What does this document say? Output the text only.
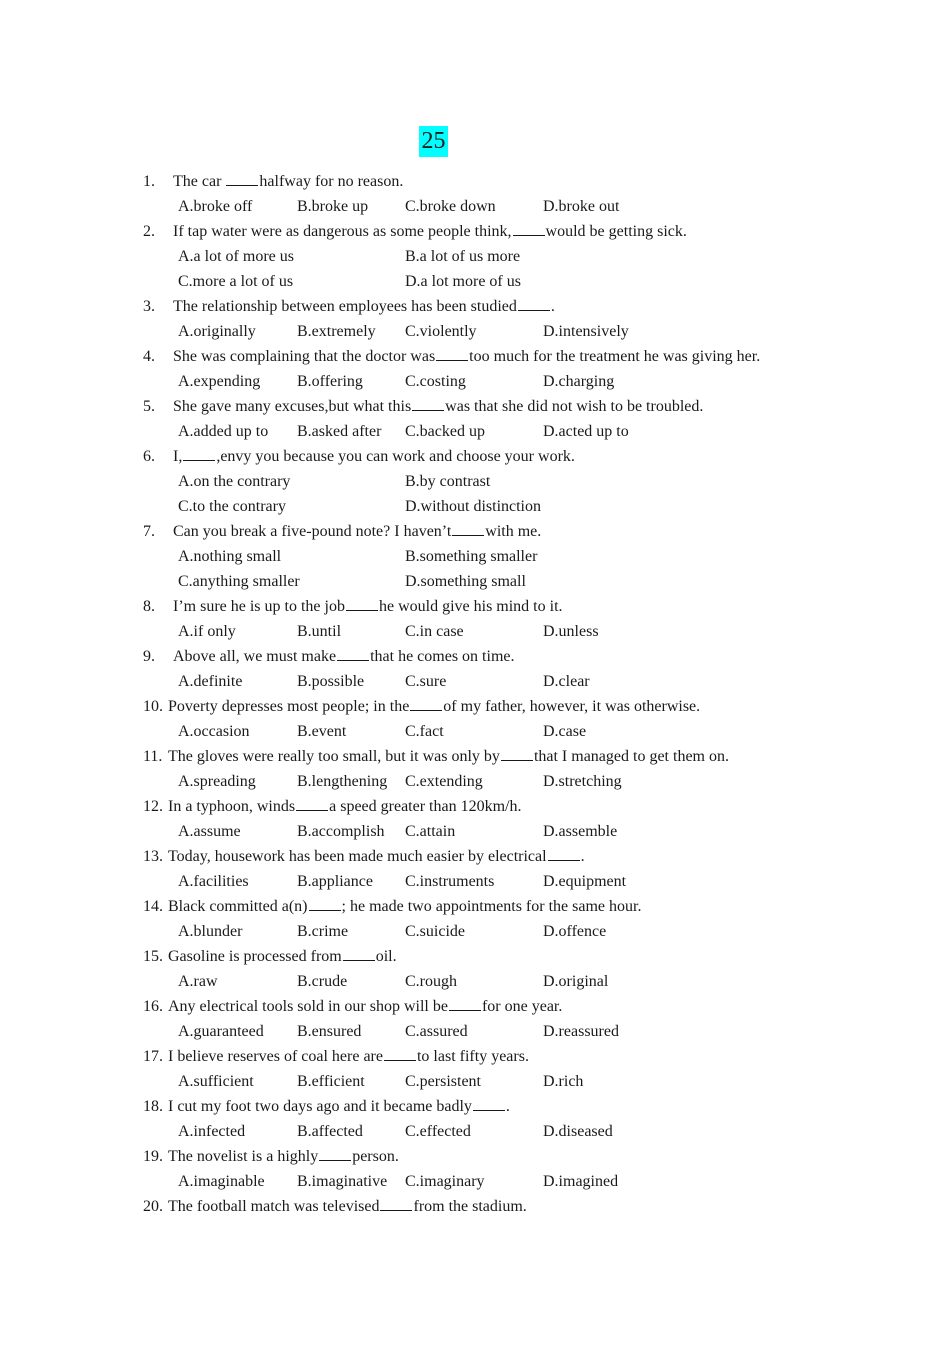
25
1. The car halfway for no reason.
A.broke off	B.broke up C.broke down	D.broke out
2. If tap water were as dangerous as some people think, would be getting sick.
A.a lot of more us	B.a lot of us more
C.more a lot of us	D.a lot more of us
3. The relationship between employees has been studied .
A.originally	B.extremely C.violently	D.intensively
4. She was complaining that the doctor was too much for the treatment he was giving her.
A.expending B.offering	C.costing	D.charging
5. She gave many excuses,but what this was that she did not wish to be troubled.
A.added up to B.asked after C.backed up	D.acted up to
6. I, ,envy you because you can work and choose your work.
A.on the contrary	B.by contrast
C.to the contrary	D.without distinction
7. Can you break a five-pound note? I haven’t with me.
A.nothing small	B.something smaller
C.anything smaller	D.something small
8. I’m sure he is up to the job he would give his mind to it.
A.if only	B.until	C.in case	D.unless
9. Above all, we must make that he comes on time.
A.definite	B.possible	C.sure	D.clear
10. Poverty depresses most people; in the of my father, however, it was otherwise.
A.occasion	B.event	C.fact	D.case
11. The gloves were really too small, but it was only by that I managed to get them on.
A.spreading	B.lengthening C.extending	D.stretching
12. In a typhoon, winds a speed greater than 120km/h.
A.assume	B.accomplish C.attain	D.assemble
13. Today, housework has been made much easier by electrical .
A.facilities	B.appliance C.instruments	D.equipment
14. Black committed a(n) ; he made two appointments for the same hour.
A.blunder	B.crime	C.suicide	D.offence
15. Gasoline is processed from oil.
A.raw	B.crude	C.rough	D.original
16. Any electrical tools sold in our shop will be for one year.
A.guaranteed B.ensured	C.assured	D.reassured
17. I believe reserves of coal here are to last fifty years.
A.sufficient	B.efficient	C.persistent	D.rich
18. I cut my foot two days ago and it became badly .
A.infected	B.affected	C.effected	D.diseased
19. The novelist is a highly person.
A.imaginable B.imaginative C.imaginary	D.imagined
20. The football match was televised from the stadium.
